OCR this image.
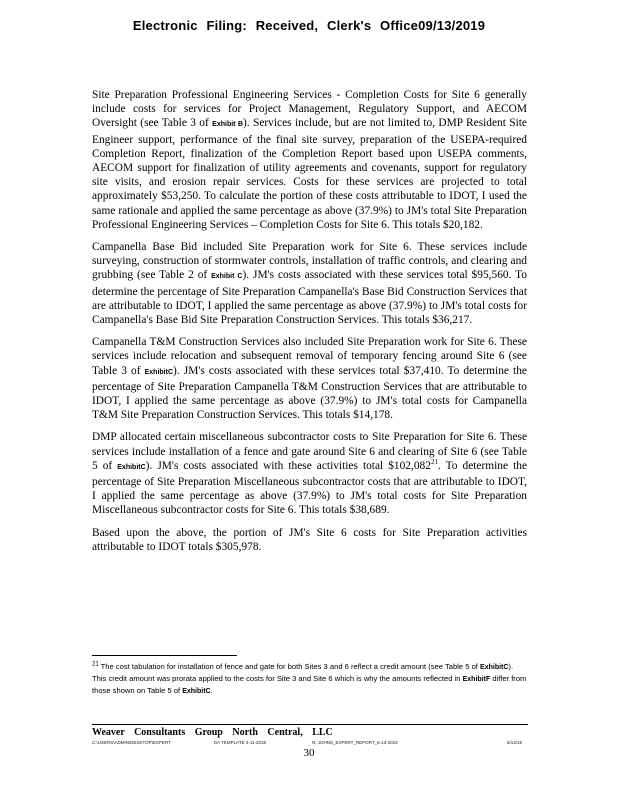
Electronic Filing: Received, Clerk's Office09/13/2019

Site Preparation Professional Engineering Services - Completion Costs for Site 6 generally include costs for services for Project Management, Regulatory Support, and AECOM Oversight (see Table 3 of Exhibit B). Services include, but are not limited to, DMP Resident Site Engineer support, performance of the final site survey, preparation of the USEPA-required Completion Report, finalization of the Completion Report based upon USEPA comments, AECOM support for finalization of utility agreements and covenants, support for regulatory site visits, and erosion repair services. Costs for these services are projected to total approximately $53,250. To calculate the portion of these costs attributable to IDOT, I used the same rationale and applied the same percentage as above (37.9%) to JM's total Site Preparation Professional Engineering Services – Completion Costs for Site 6. This totals $20,182.

Campanella Base Bid included Site Preparation work for Site 6. These services include surveying, construction of stormwater controls, installation of traffic controls, and clearing and grubbing (see Table 2 of Exhibit C). JM's costs associated with these services total $95,560. To determine the percentage of Site Preparation Campanella's Base Bid Construction Services that are attributable to IDOT, I applied the same percentage as above (37.9%) to JM's total costs for Campanella's Base Bid Site Preparation Construction Services. This totals $36,217.

Campanella T&M Construction Services also included Site Preparation work for Site 6. These services include relocation and subsequent removal of temporary fencing around Site 6 (see Table 3 of ExhibitC). JM's costs associated with these services total $37,410. To determine the percentage of Site Preparation Campanella T&M Construction Services that are attributable to IDOT, I applied the same percentage as above (37.9%) to JM's total costs for Campanella T&M Site Preparation Construction Services. This totals $14,178.

DMP allocated certain miscellaneous subcontractor costs to Site Preparation for Site 6. These services include installation of a fence and gate around Site 6 and clearing of Site 6 (see Table 5 of ExhibitC). JM's costs associated with these activities total $102,082$^{21}$. To determine the percentage of Site Preparation Miscellaneous subcontractor costs that are attributable to IDOT, I applied the same percentage as above (37.9%) to JM's total costs for Site Preparation Miscellaneous subcontractor costs for Site 6. This totals $38,689.

Based upon the above, the portion of JM's Site 6 costs for Site Preparation activities attributable to IDOT totals $305,978.

$^{21}$ The cost tabulation for installation of fence and gate for both Sites 3 and 6 reflect a credit amount (see Table 5 of ExhibitC). This credit amount was prorata applied to the costs for Site 3 and Site 6 which is why the amounts reflected in ExhibitF differ from those shown on Table 5 of ExhibitC.
Weaver Consultants Group North Central, LLC
C:\USERS\ADMIN\DESKTOP\EXPERT	DA TEMPLATE 4-11-2018	N: JOHNS_EXPERT_REPORT_6-13-2019	6/14/19
30
